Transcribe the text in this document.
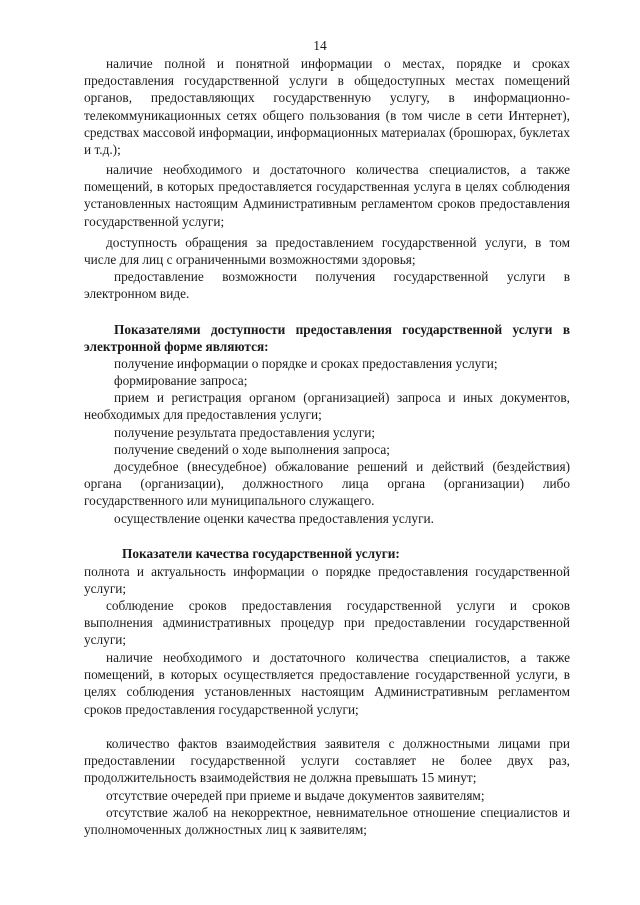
14

наличие полной и понятной информации о местах, порядке и сроках предоставления государственной услуги в общедоступных местах помещений органов, предоставляющих государственную услугу, в информационно-телекоммуникационных сетях общего пользования (в том числе в сети Интернет), средствах массовой информации, информационных материалах (брошюрах, буклетах и т.д.);

наличие необходимого и достаточного количества специалистов, а также помещений, в которых предоставляется государственная услуга в целях соблюдения установленных настоящим Административным регламентом сроков предоставления государственной услуги;

доступность обращения за предоставлением государственной услуги, в том числе для лиц с ограниченными возможностями здоровья;

предоставление возможности получения государственной услуги в электронном виде.

Показателями доступности предоставления государственной услуги в электронной форме являются:

получение информации о порядке и сроках предоставления услуги;

формирование запроса;

прием и регистрация органом (организацией) запроса и иных документов, необходимых для предоставления услуги;

получение результата предоставления услуги;

получение сведений о ходе выполнения запроса;

досудебное (внесудебное) обжалование решений и действий (бездействия) органа (организации), должностного лица органа (организации) либо государственного или муниципального служащего.

осуществление оценки качества предоставления услуги.

Показатели качества государственной услуги:

полнота и актуальность информации о порядке предоставления государственной услуги;

соблюдение сроков предоставления государственной услуги и сроков выполнения административных процедур при предоставлении государственной услуги;

наличие необходимого и достаточного количества специалистов, а также помещений, в которых осуществляется предоставление государственной услуги, в целях соблюдения установленных настоящим Административным регламентом сроков предоставления государственной услуги;

количество фактов взаимодействия заявителя с должностными лицами при предоставлении государственной услуги составляет не более двух раз, продолжительность взаимодействия не должна превышать 15 минут;

отсутствие очередей при приеме и выдаче документов заявителям;

отсутствие жалоб на некорректное, невнимательное отношение специалистов и уполномоченных должностных лиц к заявителям;
